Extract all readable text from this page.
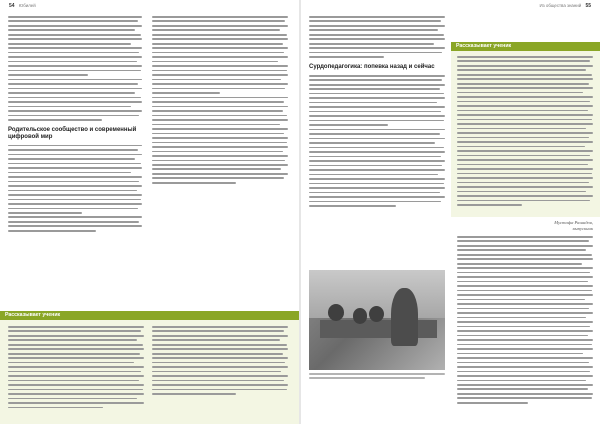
54 Юбилей
Родительское сообщество и современный цифровой мир
Рассказывает ученик
Из общества знаний 55
Сурдопедагогика: попевка назад и сейчас
Рассказывает ученик
Мустафа Рашидов,
выпускник
